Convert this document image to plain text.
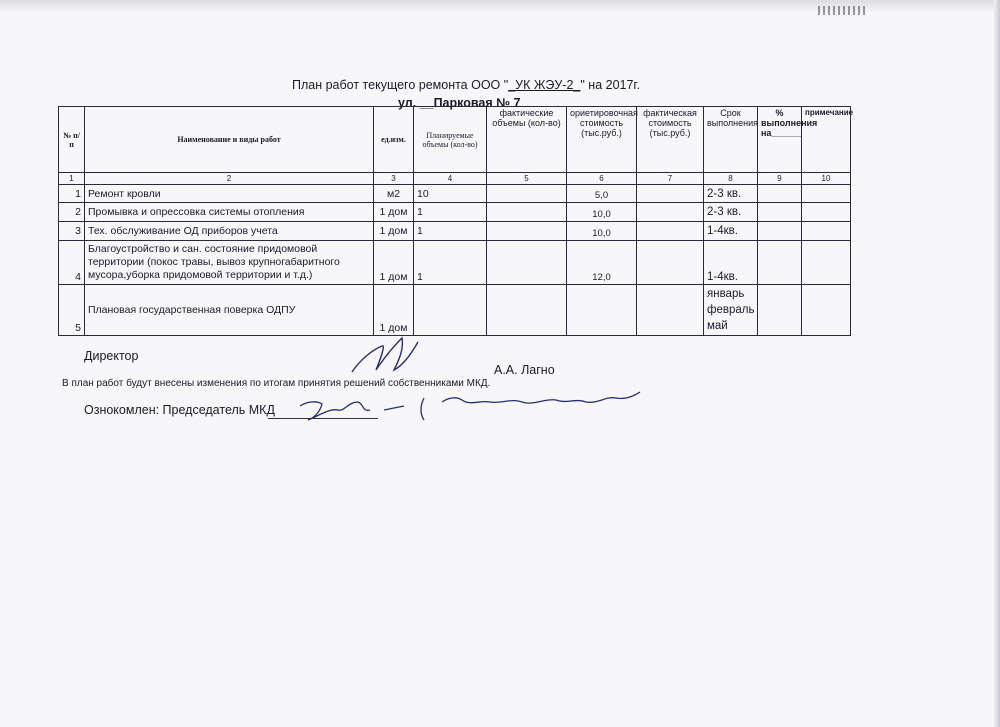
План работ текущего ремонта ООО "_УК ЖЭУ-2_" на 2017г.
ул. __Парковая № 7
№ п/п	Наименование и виды работ	ед.изм.	Планируемые объемы (кол-во)	фактические объемы (кол-во)	ориетировочная стоимость (тыс.руб.)	фактическая стоимость (тыс.руб.)	Срок выполнения	% выполнения на______	примечание
1	2	3	4	5	6	7	8	9	10
1	Ремонт кровли	м2	10		5,0		2-3 кв.		
2	Промывка и опрессовка системы отопления	1 дом	1		10,0		2-3 кв.		
3	Тех. обслуживание ОД приборов учета	1 дом	1		10,0		1-4кв.		
4	Благоустройство и сан. состояние придомовой территории (покос травы, вывоз крупногабаритного мусора,уборка придомовой территории и т.д.)	1 дом	1		12,0		1-4кв.		
5	Плановая государственная поверка ОДПУ	1 дом					январь
февраль
май		
Директор
А.А. Лагно
В план работ будут внесены изменения по итогам принятия решений собственниками МКД.
Ознокомлен: Председатель МКД
